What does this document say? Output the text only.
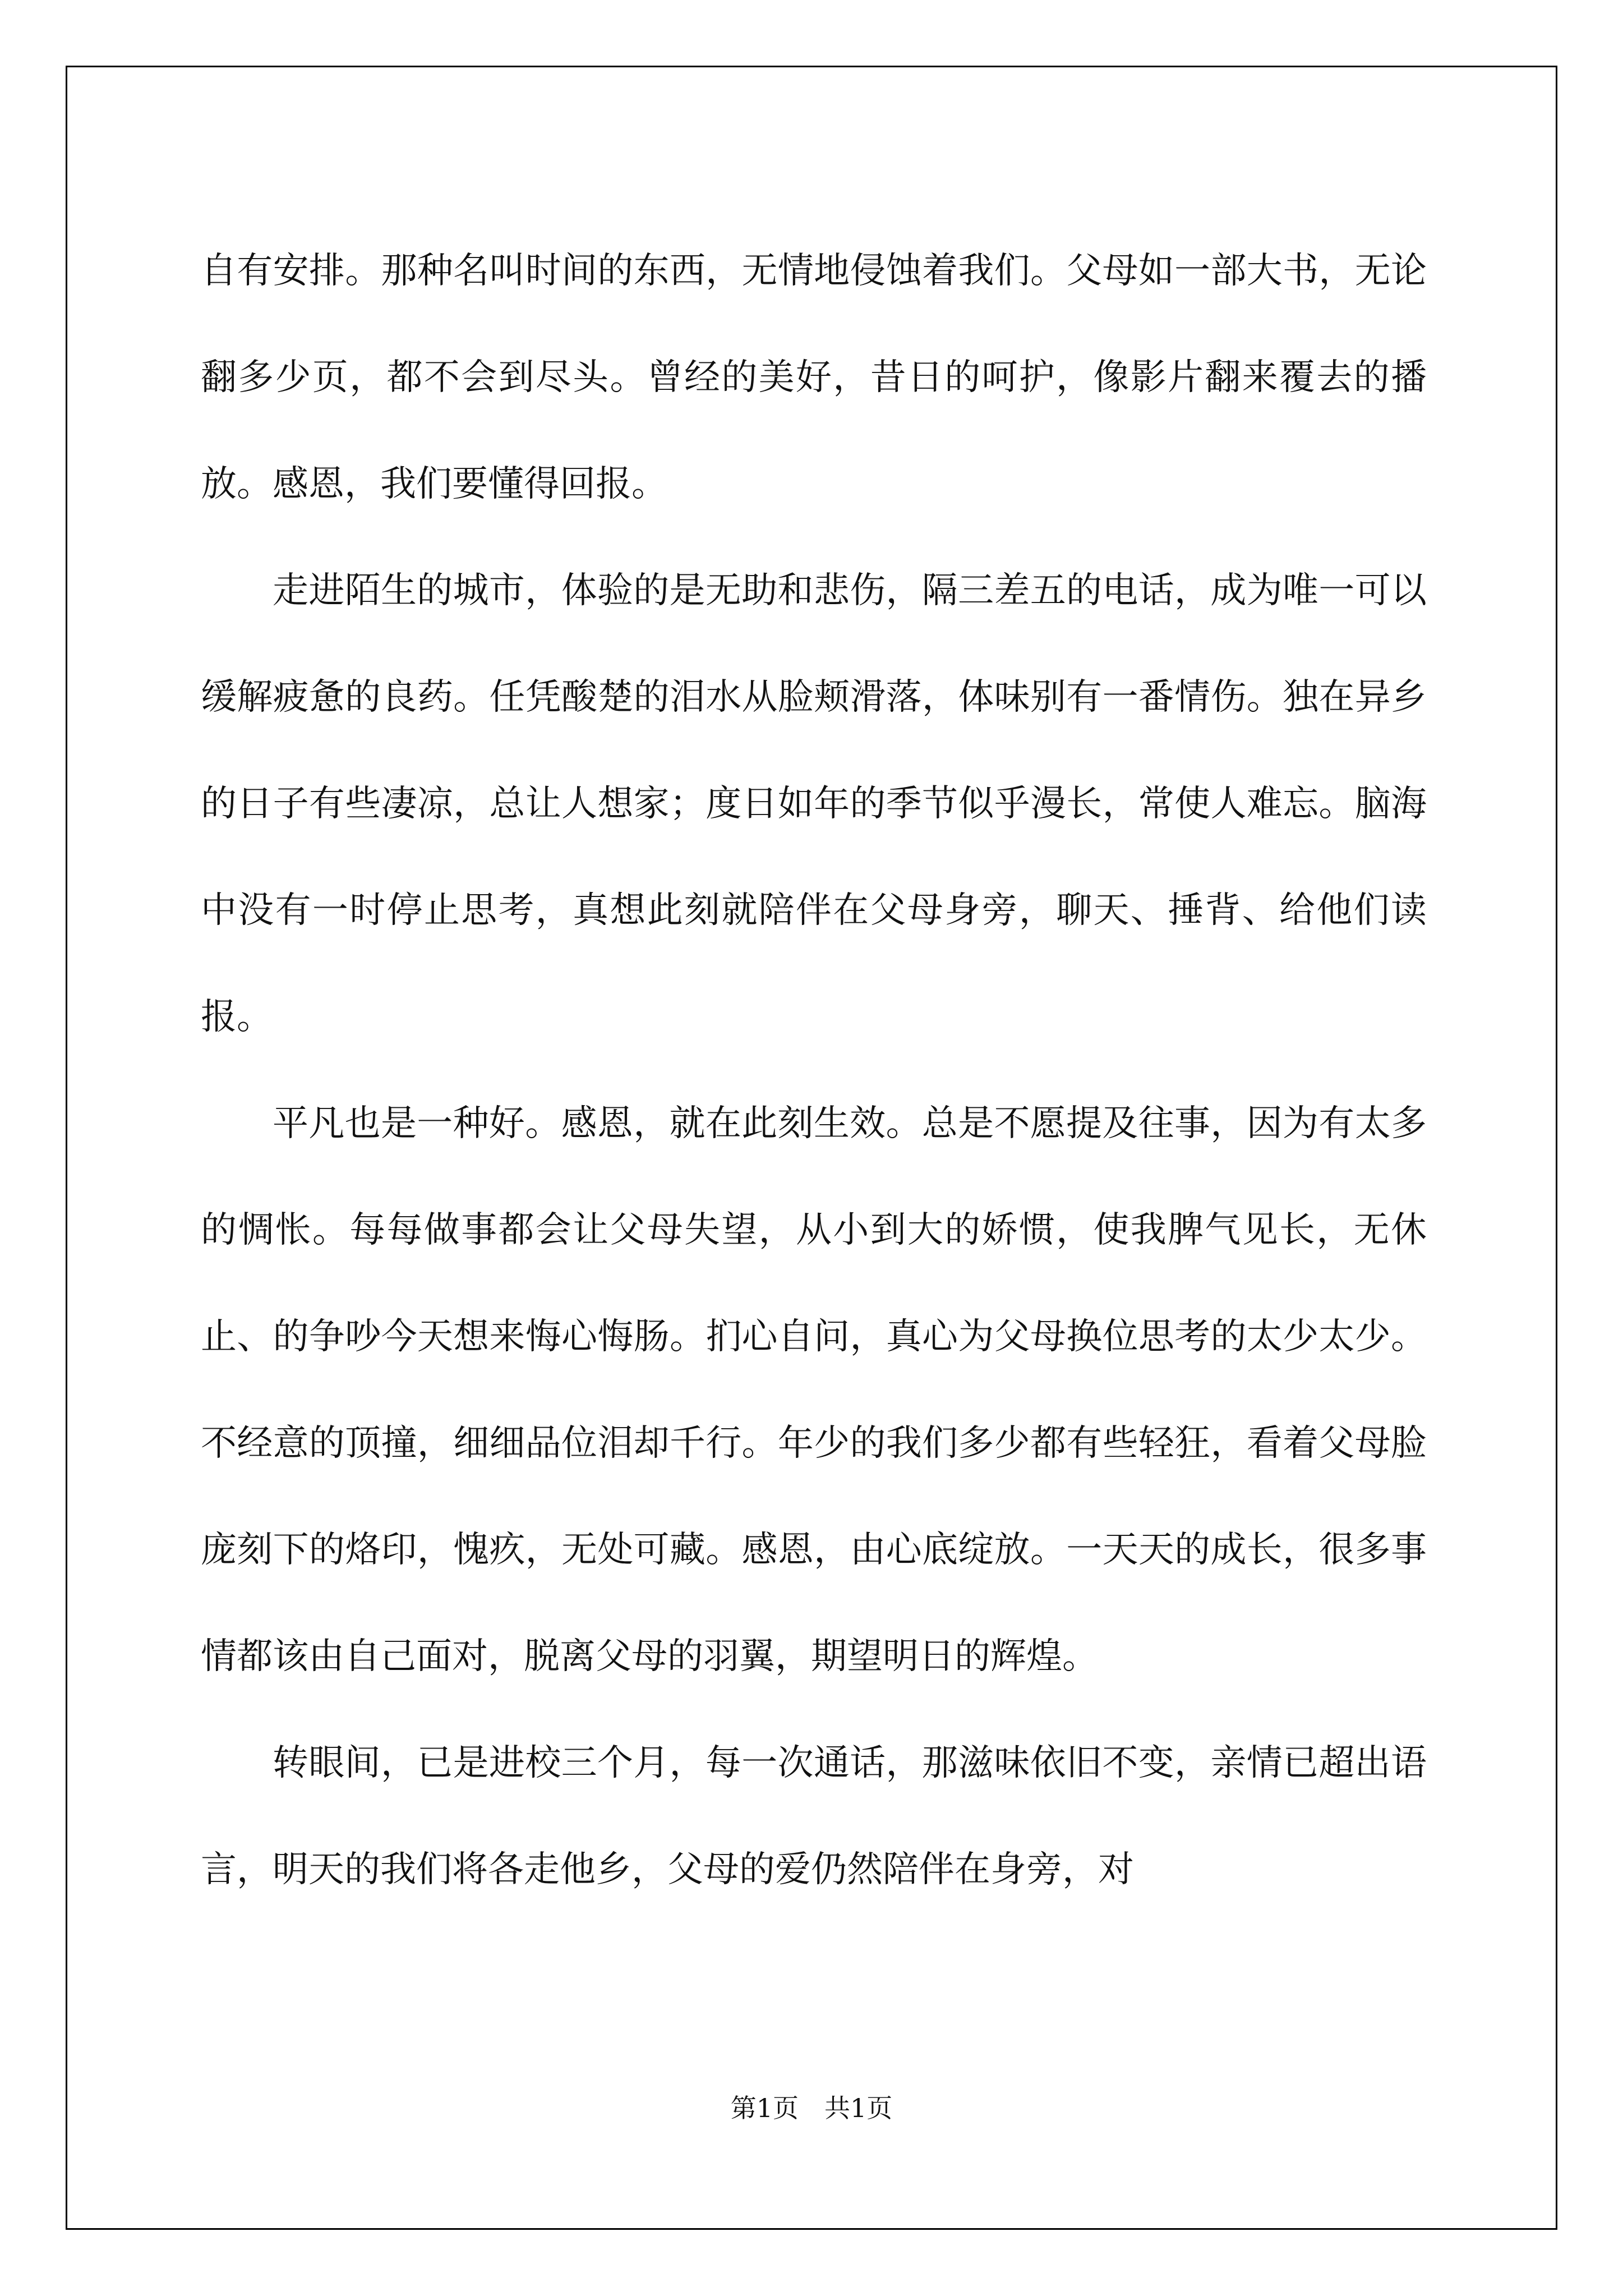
自有安排。那种名叫时间的东西，无情地侵蚀着我们。父母如一部大书，无论翻多少页，都不会到尽头。曾经的美好，昔日的呵护，像影片翻来覆去的播放。感恩，我们要懂得回报。

走进陌生的城市，体验的是无助和悲伤，隔三差五的电话，成为唯一可以缓解疲惫的良药。任凭酸楚的泪水从脸颊滑落，体味别有一番情伤。独在异乡的日子有些凄凉，总让人想家；度日如年的季节似乎漫长，常使人难忘。脑海中没有一时停止思考，真想此刻就陪伴在父母身旁，聊天、捶背、给他们读报。

平凡也是一种好。感恩，就在此刻生效。总是不愿提及往事，因为有太多的惆怅。每每做事都会让父母失望，从小到大的娇惯，使我脾气见长，无休止、的争吵今天想来悔心悔肠。扪心自问，真心为父母换位思考的太少太少。不经意的顶撞，细细品位泪却千行。年少的我们多少都有些轻狂，看着父母脸庞刻下的烙印，愧疚，无处可藏。感恩，由心底绽放。一天天的成长，很多事情都该由自己面对，脱离父母的羽翼，期望明日的辉煌。

转眼间，已是进校三个月，每一次通话，那滋味依旧不变，亲情已超出语言，明天的我们将各走他乡，父母的爱仍然陪伴在身旁，对

第1页　共1页
